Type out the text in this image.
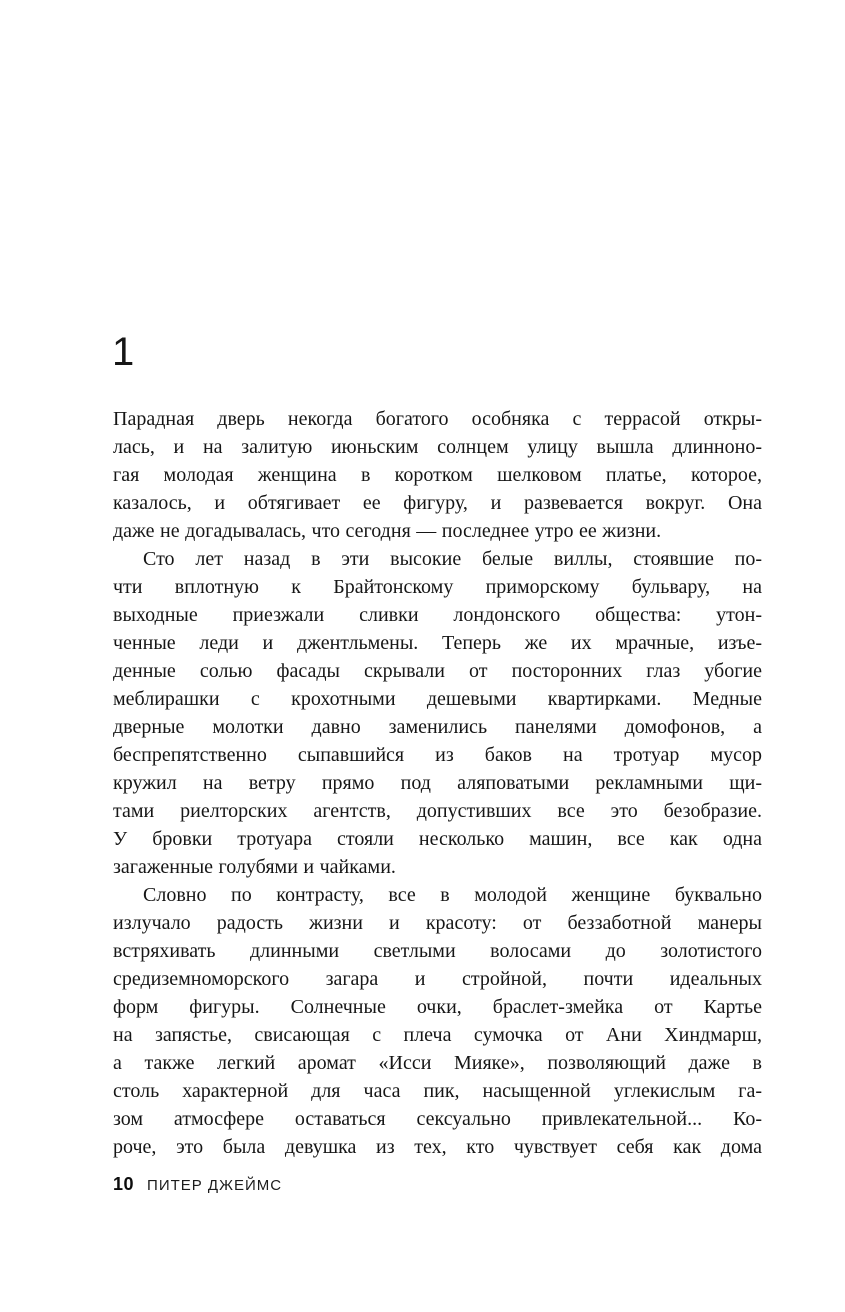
1
Парадная дверь некогда богатого особняка с террасой откры-
лась, и на залитую июньским солнцем улицу вышла длинноно-
гая молодая женщина в коротком шелковом платье, которое,
казалось, и обтягивает ее фигуру, и развевается вокруг. Она
даже не догадывалась, что сегодня — последнее утро ее жизни.
Сто лет назад в эти высокие белые виллы, стоявшие по-
чти вплотную к Брайтонскому приморскому бульвару, на
выходные приезжали сливки лондонского общества: утон-
ченные леди и джентльмены. Теперь же их мрачные, изъе-
денные солью фасады скрывали от посторонних глаз убогие
меблирашки с крохотными дешевыми квартирками. Медные
дверные молотки давно заменились панелями домофонов, а
беспрепятственно сыпавшийся из баков на тротуар мусор
кружил на ветру прямо под аляповатыми рекламными щи-
тами риелторских агентств, допустивших все это безобразие.
У бровки тротуара стояли несколько машин, все как одна
загаженные голубями и чайками.
Словно по контрасту, все в молодой женщине буквально
излучало радость жизни и красоту: от беззаботной манеры
встряхивать длинными светлыми волосами до золотистого
средиземноморского загара и стройной, почти идеальных
форм фигуры. Солнечные очки, браслет-змейка от Картье
на запястье, свисающая с плеча сумочка от Ани Хиндмарш,
а также легкий аромат «Исси Мияке», позволяющий даже в
столь характерной для часа пик, насыщенной углекислым га-
зом атмосфере оставаться сексуально привлекательной... Ко-
роче, это была девушка из тех, кто чувствует себя как дома
10 ПИТЕР ДЖЕЙМС
